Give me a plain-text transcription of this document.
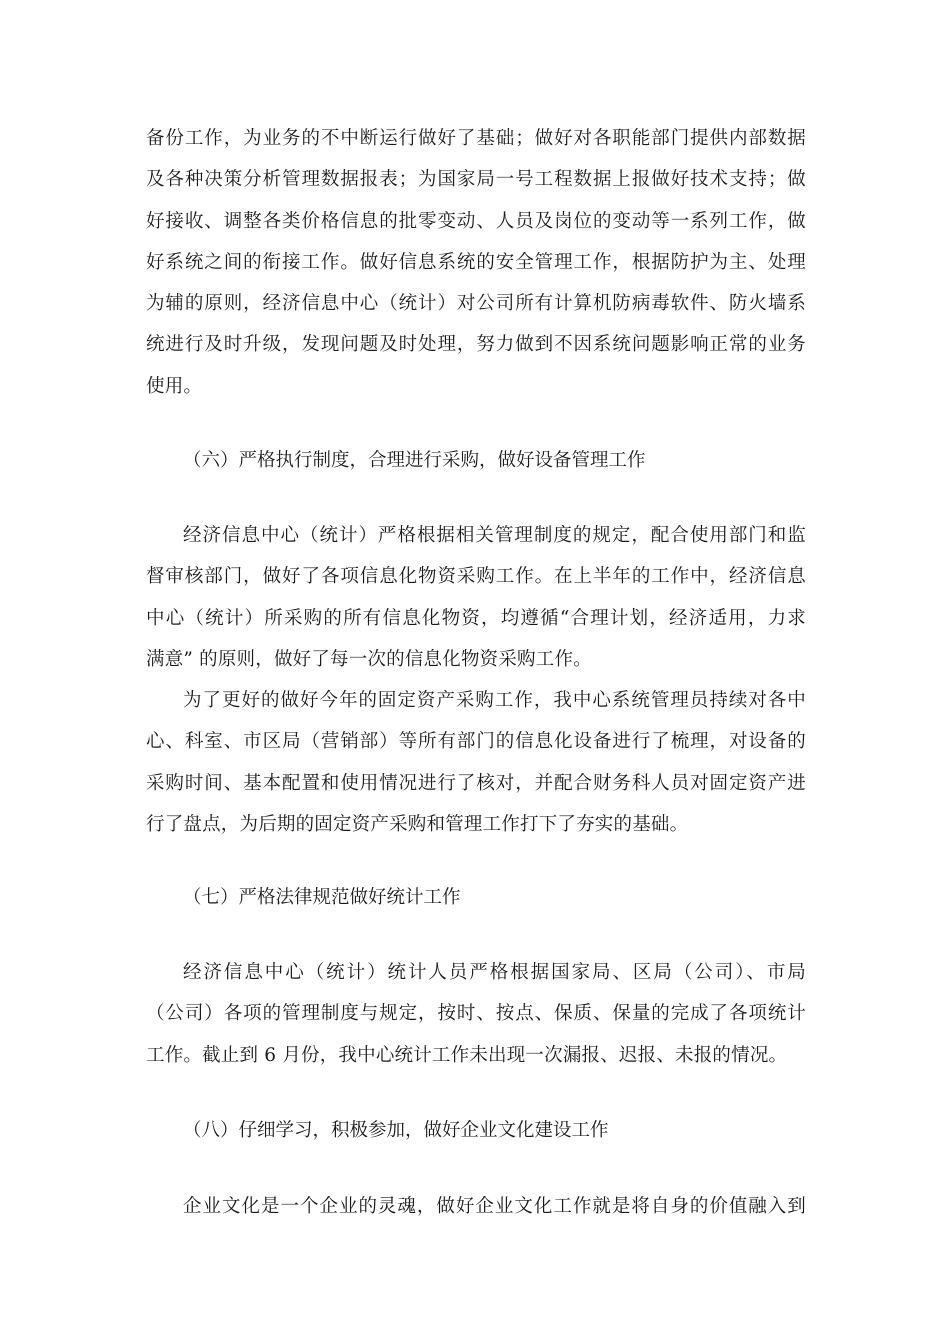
备份工作，为业务的不中断运行做好了基础；做好对各职能部门提供内部数据
及各种决策分析管理数据报表；为国家局一号工程数据上报做好技术支持；做
好接收、调整各类价格信息的批零变动、人员及岗位的变动等一系列工作，做
好系统之间的衔接工作。做好信息系统的安全管理工作，根据防护为主、处理
为辅的原则，经济信息中心（统计）对公司所有计算机防病毒软件、防火墙系
统进行及时升级，发现问题及时处理，努力做到不因系统问题影响正常的业务
使用。
（六）严格执行制度，合理进行采购，做好设备管理工作
经济信息中心（统计）严格根据相关管理制度的规定，配合使用部门和监
督审核部门，做好了各项信息化物资采购工作。在上半年的工作中，经济信息
中心（统计）所采购的所有信息化物资，均遵循“合理计划，经济适用，力求
满意” 的原则，做好了每一次的信息化物资采购工作。
为了更好的做好今年的固定资产采购工作，我中心系统管理员持续对各中
心、科室、市区局（营销部）等所有部门的信息化设备进行了梳理，对设备的
采购时间、基本配置和使用情况进行了核对，并配合财务科人员对固定资产进
行了盘点，为后期的固定资产采购和管理工作打下了夯实的基础。
（七）严格法律规范做好统计工作
经济信息中心（统计）统计人员严格根据国家局、区局（公司）、市局
（公司）各项的管理制度与规定，按时、按点、保质、保量的完成了各项统计
工作。截止到 6 月份，我中心统计工作未出现一次漏报、迟报、未报的情况。
（八）仔细学习，积极参加，做好企业文化建设工作
企业文化是一个企业的灵魂，做好企业文化工作就是将自身的价值融入到
